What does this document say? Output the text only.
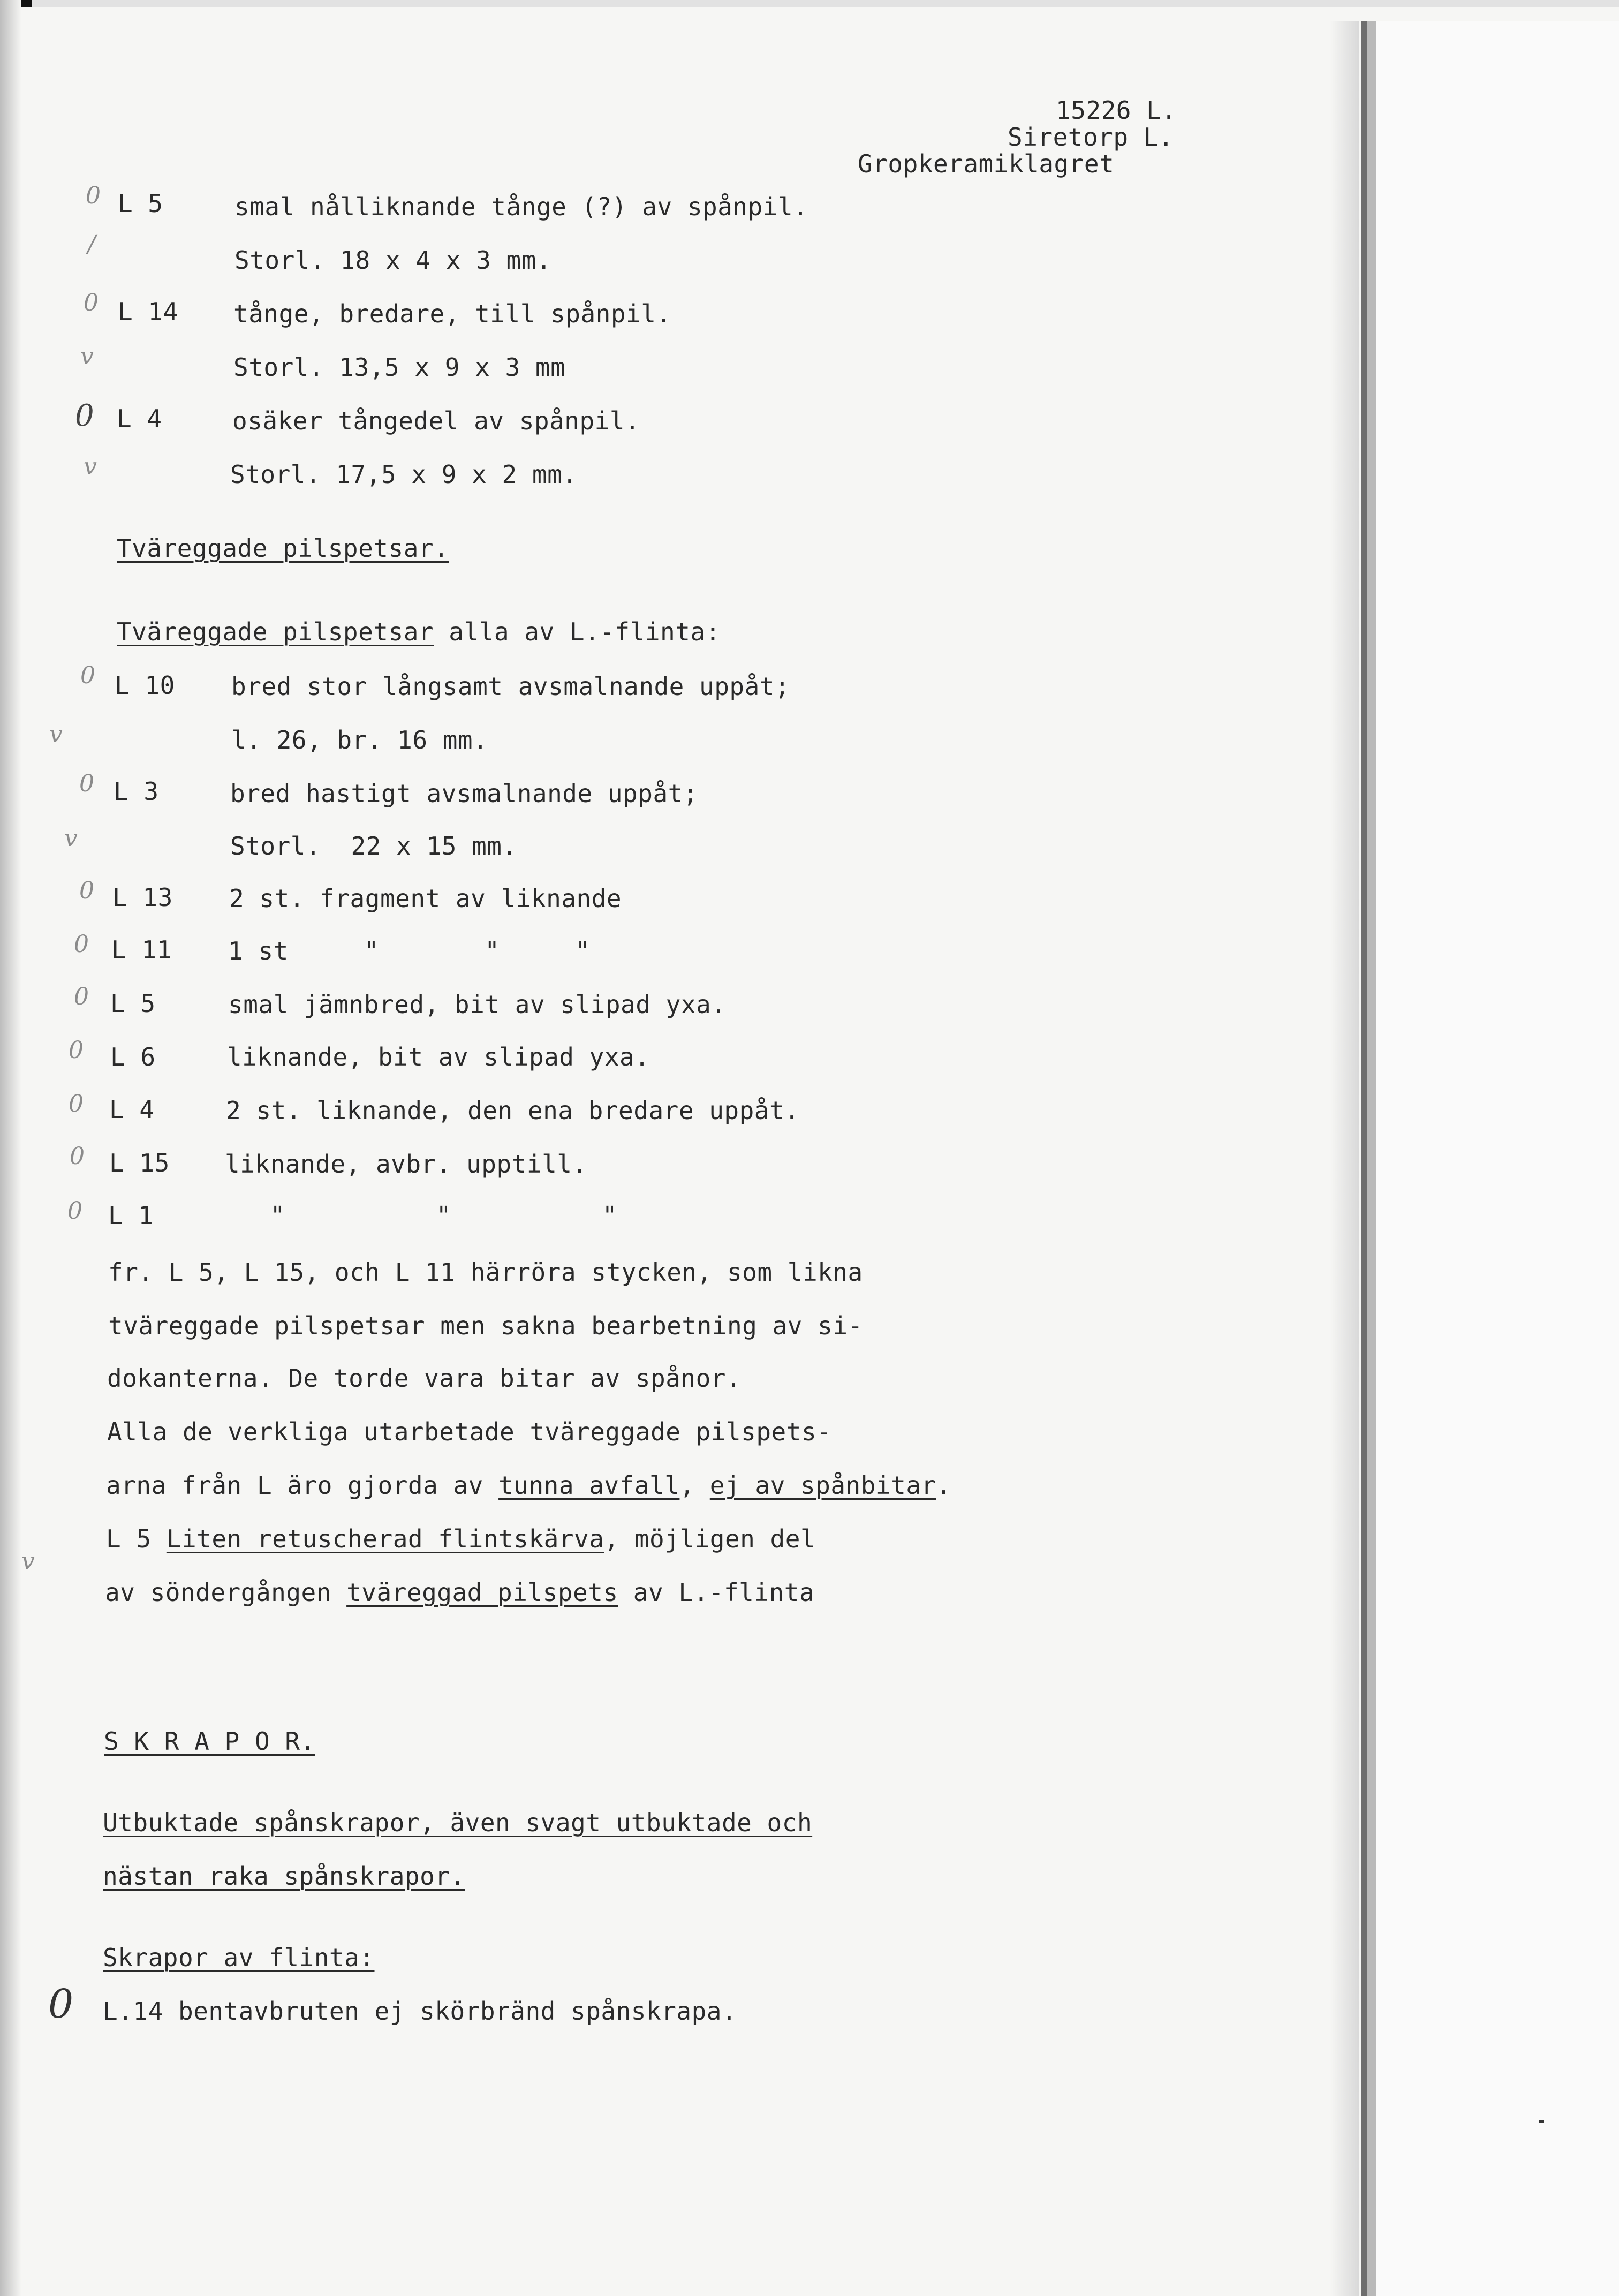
15226 L.
Siretorp L.
Gropkeramiklagret
0
/
0
v
0
v
0
v
0
v
0
0
0
0
0
0
0
v
0
L 5	smal nålliknande tånge (?) av spånpil.
Storl. 18 x 4 x 3 mm.
L 14 tånge, bredare, till spånpil.
Storl. 13,5 x 9 x 3 mm
L 4	osäker tångedel av spånpil.
Storl. 17,5 x 9 x 2 mm.
Tväreggade pilspetsar.
Tväreggade pilspetsar alla av L.-flinta:
L 10 bred stor långsamt avsmalnande uppåt;
l. 26, br. 16 mm.
L 3	bred hastigt avsmalnande uppåt;
Storl.  22 x 15 mm.
L 13 2 st. fragment av liknande
L 11 1 st     "       "     "
L 5	smal jämnbred, bit av slipad yxa.
L 6	liknande, bit av slipad yxa.
L 4	2 st. liknande, den ena bredare uppåt.
L 15 liknande, avbr. upptill.
L 1	"          "          "
fr. L 5, L 15, och L 11 härröra stycken, som likna
tväreggade pilspetsar men sakna bearbetning av si-
dokanterna. De torde vara bitar av spånor.
Alla de verkliga utarbetade tväreggade pilspets-
arna från L äro gjorda av tunna avfall, ej av spånbitar.
L 5 Liten retuscherad flintskärva, möjligen del
av söndergången tväreggad pilspets av L.-flinta
S K R A P O R.
Utbuktade spånskrapor, även svagt utbuktade och
nästan raka spånskrapor.
Skrapor av flinta:
L.14 bentavbruten ej skörbränd spånskrapa.
